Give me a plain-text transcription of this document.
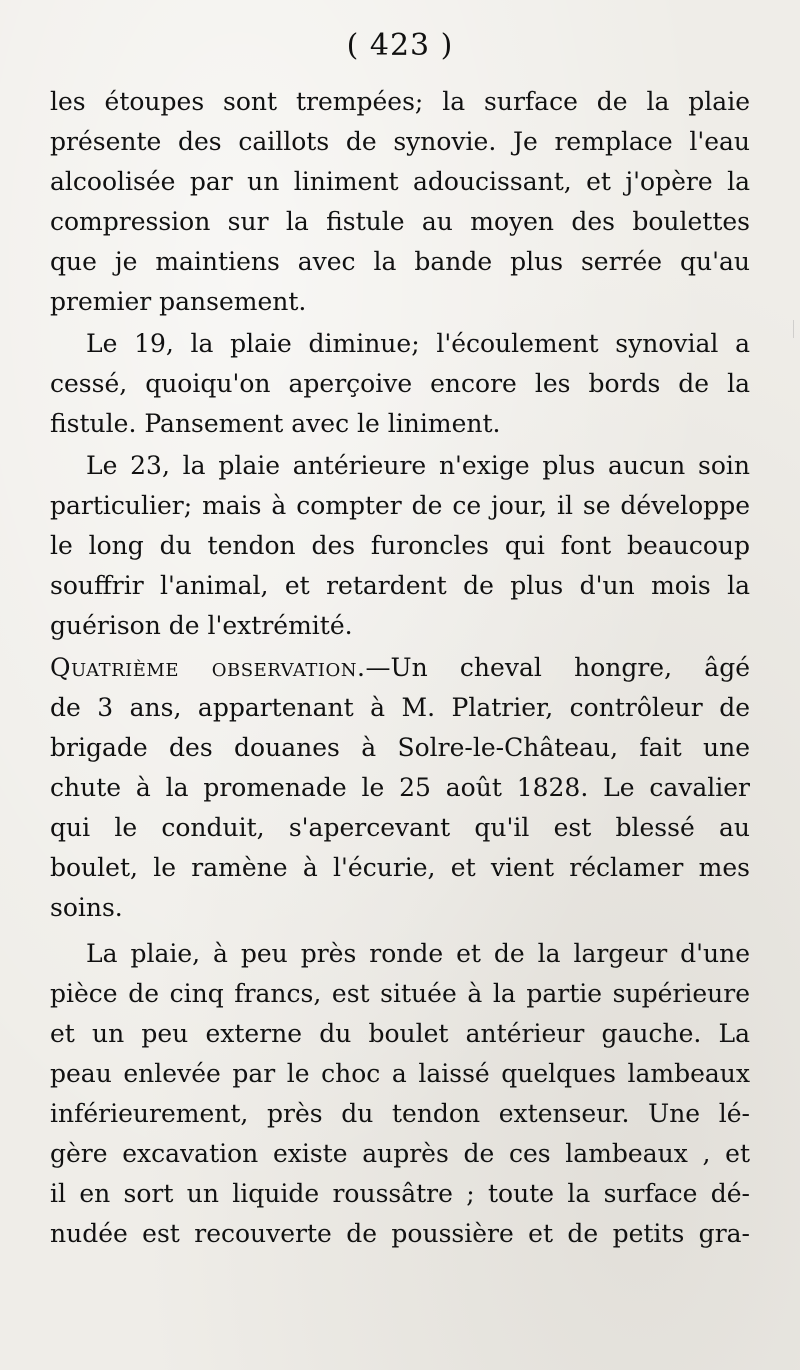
( 423 )
les étoupes sont trempées; la surface de la plaie
présente des caillots de synovie. Je remplace l'eau
alcoolisée par un liniment adoucissant, et j'opère la
compression sur la fistule au moyen des boulettes
que je maintiens avec la bande plus serrée qu'au
premier pansement.
Le 19, la plaie diminue; l'écoulement synovial a
cessé, quoiqu'on aperçoive encore les bords de la
fistule. Pansement avec le liniment.
Le 23, la plaie antérieure n'exige plus aucun soin
particulier; mais à compter de ce jour, il se développe
le long du tendon des furoncles qui font beaucoup
souffrir l'animal, et retardent de plus d'un mois la
guérison de l'extrémité.
Quatrième observation.—Un cheval hongre, âgé
de 3 ans, appartenant à M. Platrier, contrôleur de
brigade des douanes à Solre-le-Château, fait une
chute à la promenade le 25 août 1828. Le cavalier
qui le conduit, s'apercevant qu'il est blessé au
boulet, le ramène à l'écurie, et vient réclamer mes
soins.
La plaie, à peu près ronde et de la largeur d'une
pièce de cinq francs, est située à la partie supérieure
et un peu externe du boulet antérieur gauche. La
peau enlevée par le choc a laissé quelques lambeaux
inférieurement, près du tendon extenseur. Une lé-
gère excavation existe auprès de ces lambeaux , et
il en sort un liquide roussâtre ; toute la surface dé-
nudée est recouverte de poussière et de petits gra-
